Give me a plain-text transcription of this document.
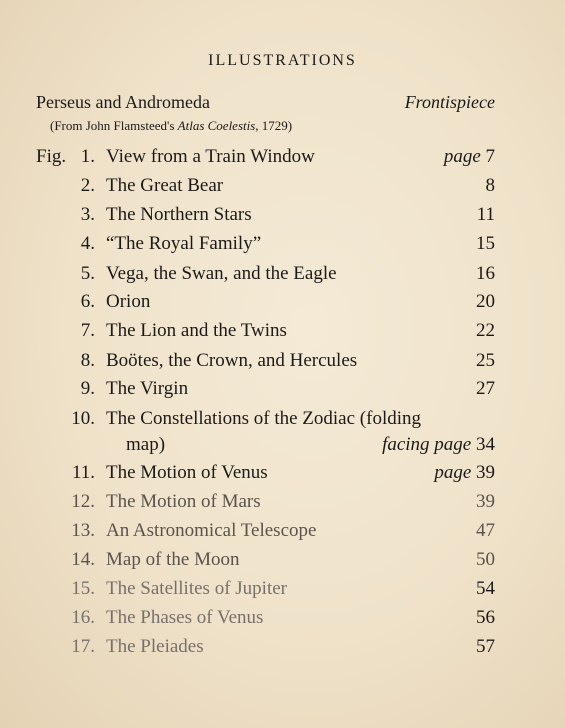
ILLUSTRATIONS
Perseus and Andromeda	Frontispiece
(From John Flamsteed's Atlas Coelestis, 1729)
Fig. 1. View from a Train Window	page 7
2. The Great Bear	8
3. The Northern Stars	11
4. “The Royal Family”	15
5. Vega, the Swan, and the Eagle	16
6. Orion	20
7. The Lion and the Twins	22
8. Boötes, the Crown, and Hercules	25
9. The Virgin	27
10. The Constellations of the Zodiac (folding
map)	facing page 34
11. The Motion of Venus	page 39
12. The Motion of Mars	39
13. An Astronomical Telescope	47
14. Map of the Moon	50
15. The Satellites of Jupiter	54
16. The Phases of Venus	56
17. The Pleiades	57
